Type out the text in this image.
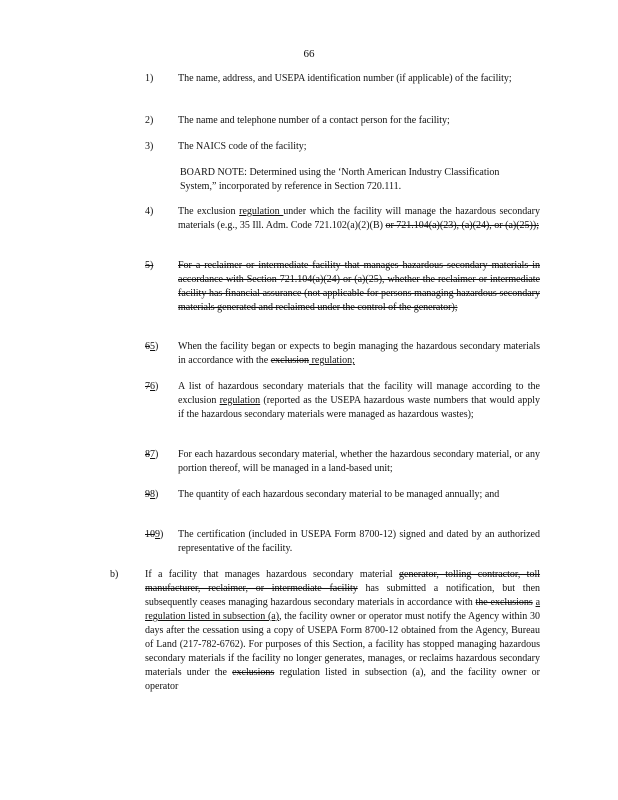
66
1) The name, address, and USEPA identification number (if applicable) of the facility;
2) The name and telephone number of a contact person for the facility;
3) The NAICS code of the facility;
BOARD NOTE: Determined using the ‘North American Industry Classification System,” incorporated by reference in Section 720.111.
4) The exclusion regulation under which the facility will manage the hazardous secondary materials (e.g., 35 Ill. Adm. Code 721.102(a)(2)(B) or 721.104(a)(23), (a)(24), or (a)(25));
5) For a reclaimer or intermediate facility that manages hazardous secondary materials in accordance with Section 721.104(a)(24) or (a)(25), whether the reclaimer or intermediate facility has financial assurance (not applicable for persons managing hazardous secondary materials generated and reclaimed under the control of the generator);
65) When the facility began or expects to begin managing the hazardous secondary materials in accordance with the exclusion regulation;
76) A list of hazardous secondary materials that the facility will manage according to the exclusion regulation (reported as the USEPA hazardous waste numbers that would apply if the hazardous secondary materials were managed as hazardous wastes);
87) For each hazardous secondary material, whether the hazardous secondary material, or any portion thereof, will be managed in a land-based unit;
98) The quantity of each hazardous secondary material to be managed annually; and
109) The certification (included in USEPA Form 8700-12) signed and dated by an authorized representative of the facility.
b)	If a facility that manages hazardous secondary material generator, tolling contractor, toll manufacturer, reclaimer, or intermediate facility has submitted a notification, but then subsequently ceases managing hazardous secondary materials in accordance with the exclusions a regulation listed in subsection (a), the facility owner or operator must notify the Agency within 30 days after the cessation using a copy of USEPA Form 8700-12 obtained from the Agency, Bureau of Land (217-782-6762). For purposes of this Section, a facility has stopped managing hazardous secondary materials if the facility no longer generates, manages, or reclaims hazardous secondary materials under the exclusions regulation listed in subsection (a), and the facility owner or operator
